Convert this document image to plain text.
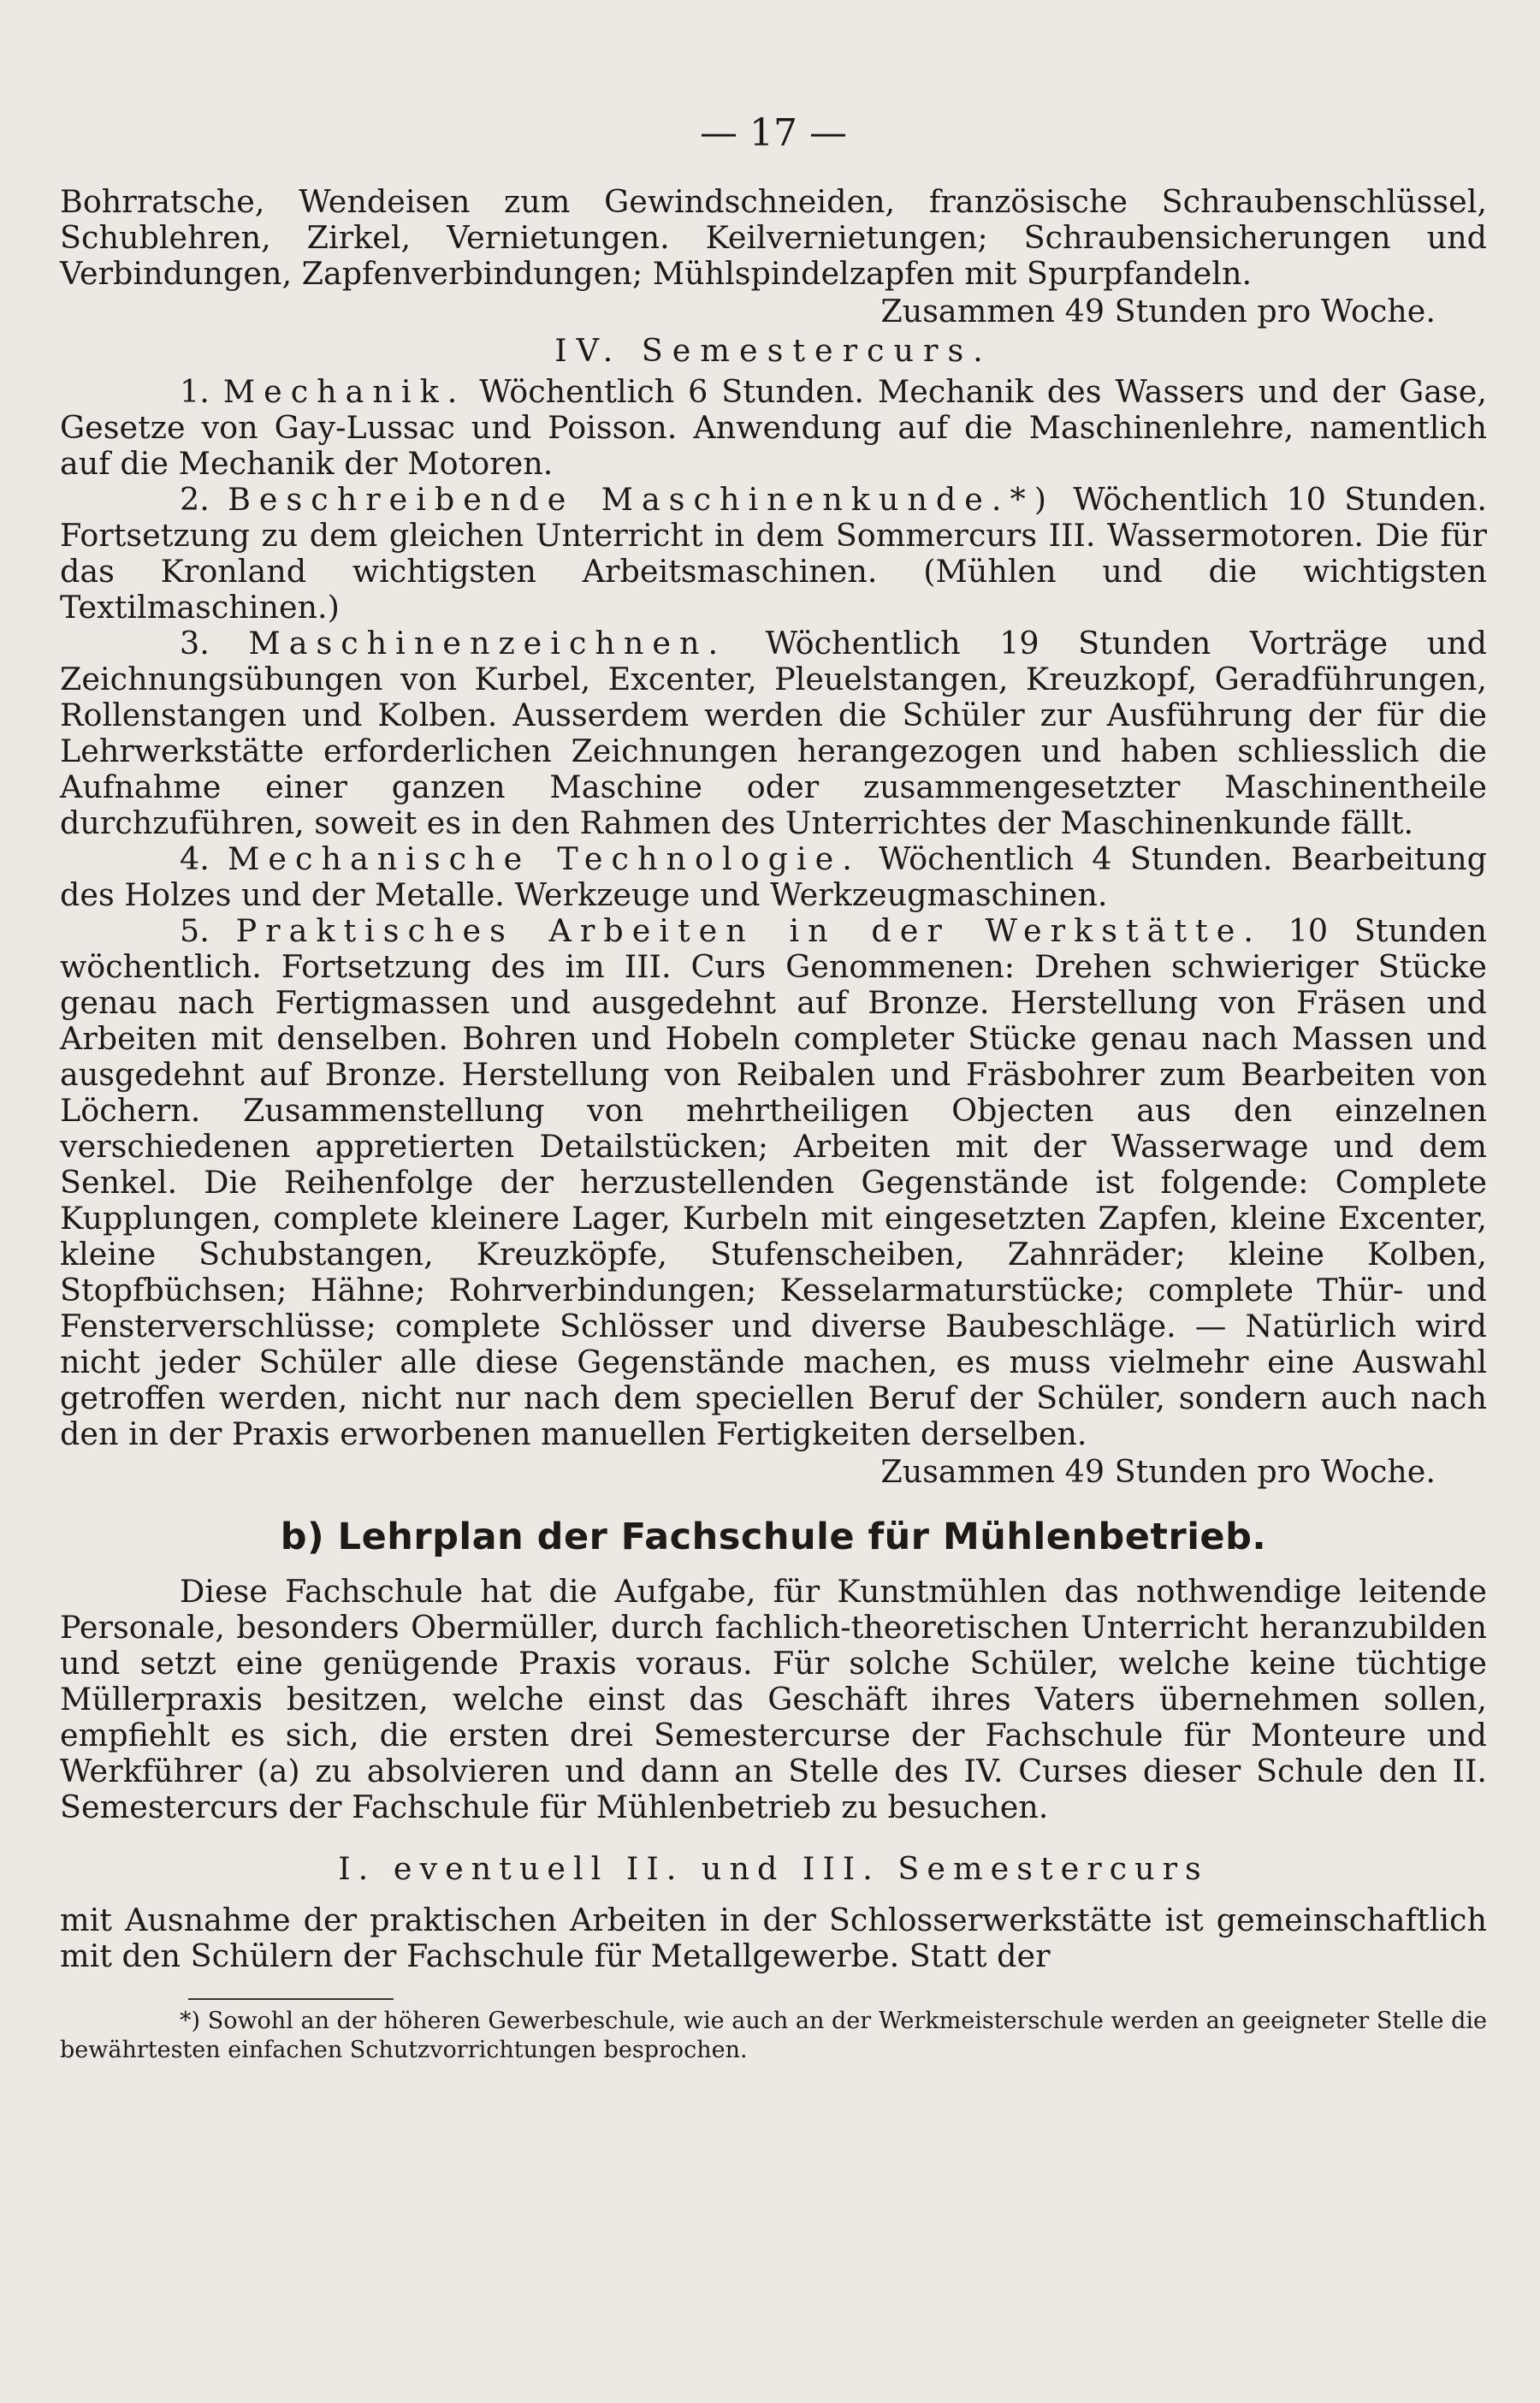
— 17 —

Bohrratsche, Wendeisen zum Gewindschneiden, französische Schraubenschlüssel, Schublehren, Zirkel, Vernietungen. Keilvernietungen; Schraubensicherungen und Verbindungen, Zapfenverbindungen; Mühlspindelzapfen mit Spurpfandeln.

Zusammen 49 Stunden pro Woche.
IV. Semestercurs.

1. Mechanik. Wöchentlich 6 Stunden. Mechanik des Wassers und der Gase, Gesetze von Gay-Lussac und Poisson. Anwendung auf die Maschinenlehre, namentlich auf die Mechanik der Motoren.

2. Beschreibende Maschinenkunde.*) Wöchentlich 10 Stunden. Fortsetzung zu dem gleichen Unterricht in dem Sommercurs III. Wassermotoren. Die für das Kronland wichtigsten Arbeitsmaschinen. (Mühlen und die wichtigsten Textilmaschinen.)

3. Maschinenzeichnen. Wöchentlich 19 Stunden Vorträge und Zeichnungsübungen von Kurbel, Excenter, Pleuelstangen, Kreuzkopf, Geradführungen, Rollenstangen und Kolben. Ausserdem werden die Schüler zur Ausführung der für die Lehrwerkstätte erforderlichen Zeichnungen herangezogen und haben schliesslich die Aufnahme einer ganzen Maschine oder zusammengesetzter Maschinentheile durchzuführen, soweit es in den Rahmen des Unterrichtes der Maschinenkunde fällt.

4. Mechanische Technologie. Wöchentlich 4 Stunden. Bearbeitung des Holzes und der Metalle. Werkzeuge und Werkzeugmaschinen.

5. Praktisches Arbeiten in der Werkstätte. 10 Stunden wöchentlich. Fortsetzung des im III. Curs Genommenen: Drehen schwieriger Stücke genau nach Fertigmassen und ausgedehnt auf Bronze. Herstellung von Fräsen und Arbeiten mit denselben. Bohren und Hobeln completer Stücke genau nach Massen und ausgedehnt auf Bronze. Herstellung von Reibalen und Fräsbohrer zum Bearbeiten von Löchern. Zusammenstellung von mehrtheiligen Objecten aus den einzelnen verschiedenen appretierten Detailstücken; Arbeiten mit der Wasserwage und dem Senkel. Die Reihenfolge der herzustellenden Gegenstände ist folgende: Complete Kupplungen, complete kleinere Lager, Kurbeln mit eingesetzten Zapfen, kleine Excenter, kleine Schubstangen, Kreuzköpfe, Stufenscheiben, Zahnräder; kleine Kolben, Stopfbüchsen; Hähne; Rohrverbindungen; Kesselarmaturstücke; complete Thür- und Fensterverschlüsse; complete Schlösser und diverse Baubeschläge. — Natürlich wird nicht jeder Schüler alle diese Gegenstände machen, es muss vielmehr eine Auswahl getroffen werden, nicht nur nach dem speciellen Beruf der Schüler, sondern auch nach den in der Praxis erworbenen manuellen Fertigkeiten derselben.

Zusammen 49 Stunden pro Woche.
b) Lehrplan der Fachschule für Mühlenbetrieb.

Diese Fachschule hat die Aufgabe, für Kunstmühlen das nothwendige leitende Personale, besonders Obermüller, durch fachlich-theoretischen Unterricht heranzubilden und setzt eine genügende Praxis voraus. Für solche Schüler, welche keine tüchtige Müllerpraxis besitzen, welche einst das Geschäft ihres Vaters übernehmen sollen, empfiehlt es sich, die ersten drei Semestercurse der Fachschule für Monteure und Werkführer (a) zu absolvieren und dann an Stelle des IV. Curses dieser Schule den II. Semestercurs der Fachschule für Mühlenbetrieb zu besuchen.

I. eventuell II. und III. Semestercurs

mit Ausnahme der praktischen Arbeiten in der Schlosserwerkstätte ist gemeinschaftlich mit den Schülern der Fachschule für Metallgewerbe. Statt der

*) Sowohl an der höheren Gewerbeschule, wie auch an der Werkmeisterschule werden an geeigneter Stelle die bewährtesten einfachen Schutzvorrichtungen besprochen.
